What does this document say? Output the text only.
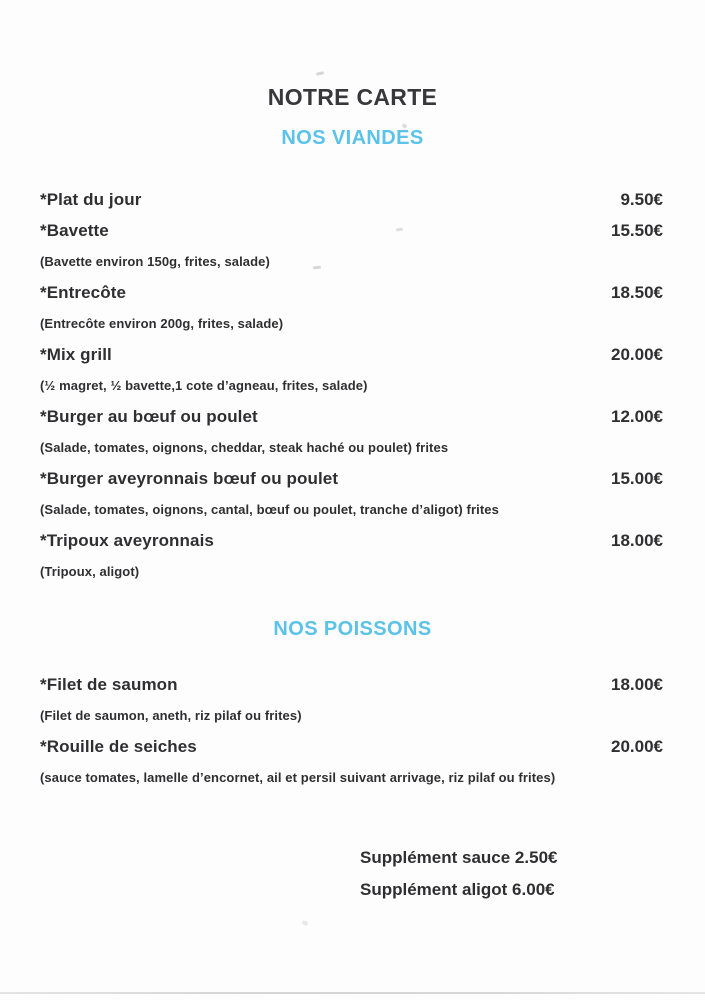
NOTRE CARTE
NOS VIANDES
*Plat du jour	9.50€
*Bavette	15.50€
(Bavette environ 150g, frites, salade)
*Entrecôte	18.50€
(Entrecôte environ 200g, frites, salade)
*Mix grill	20.00€
(½ magret, ½ bavette,1 cote d’agneau, frites, salade)
*Burger au bœuf ou poulet	12.00€
(Salade, tomates, oignons, cheddar, steak haché ou poulet) frites
*Burger aveyronnais bœuf ou poulet	15.00€
(Salade, tomates, oignons, cantal, bœuf ou poulet, tranche d’aligot) frites
*Tripoux aveyronnais	18.00€
(Tripoux, aligot)
NOS POISSONS
*Filet de saumon	18.00€
(Filet de saumon, aneth, riz pilaf ou frites)
*Rouille de seiches	20.00€
(sauce tomates, lamelle d’encornet, ail et persil suivant arrivage, riz pilaf ou frites)
Supplément sauce 2.50€
Supplément aligot 6.00€
